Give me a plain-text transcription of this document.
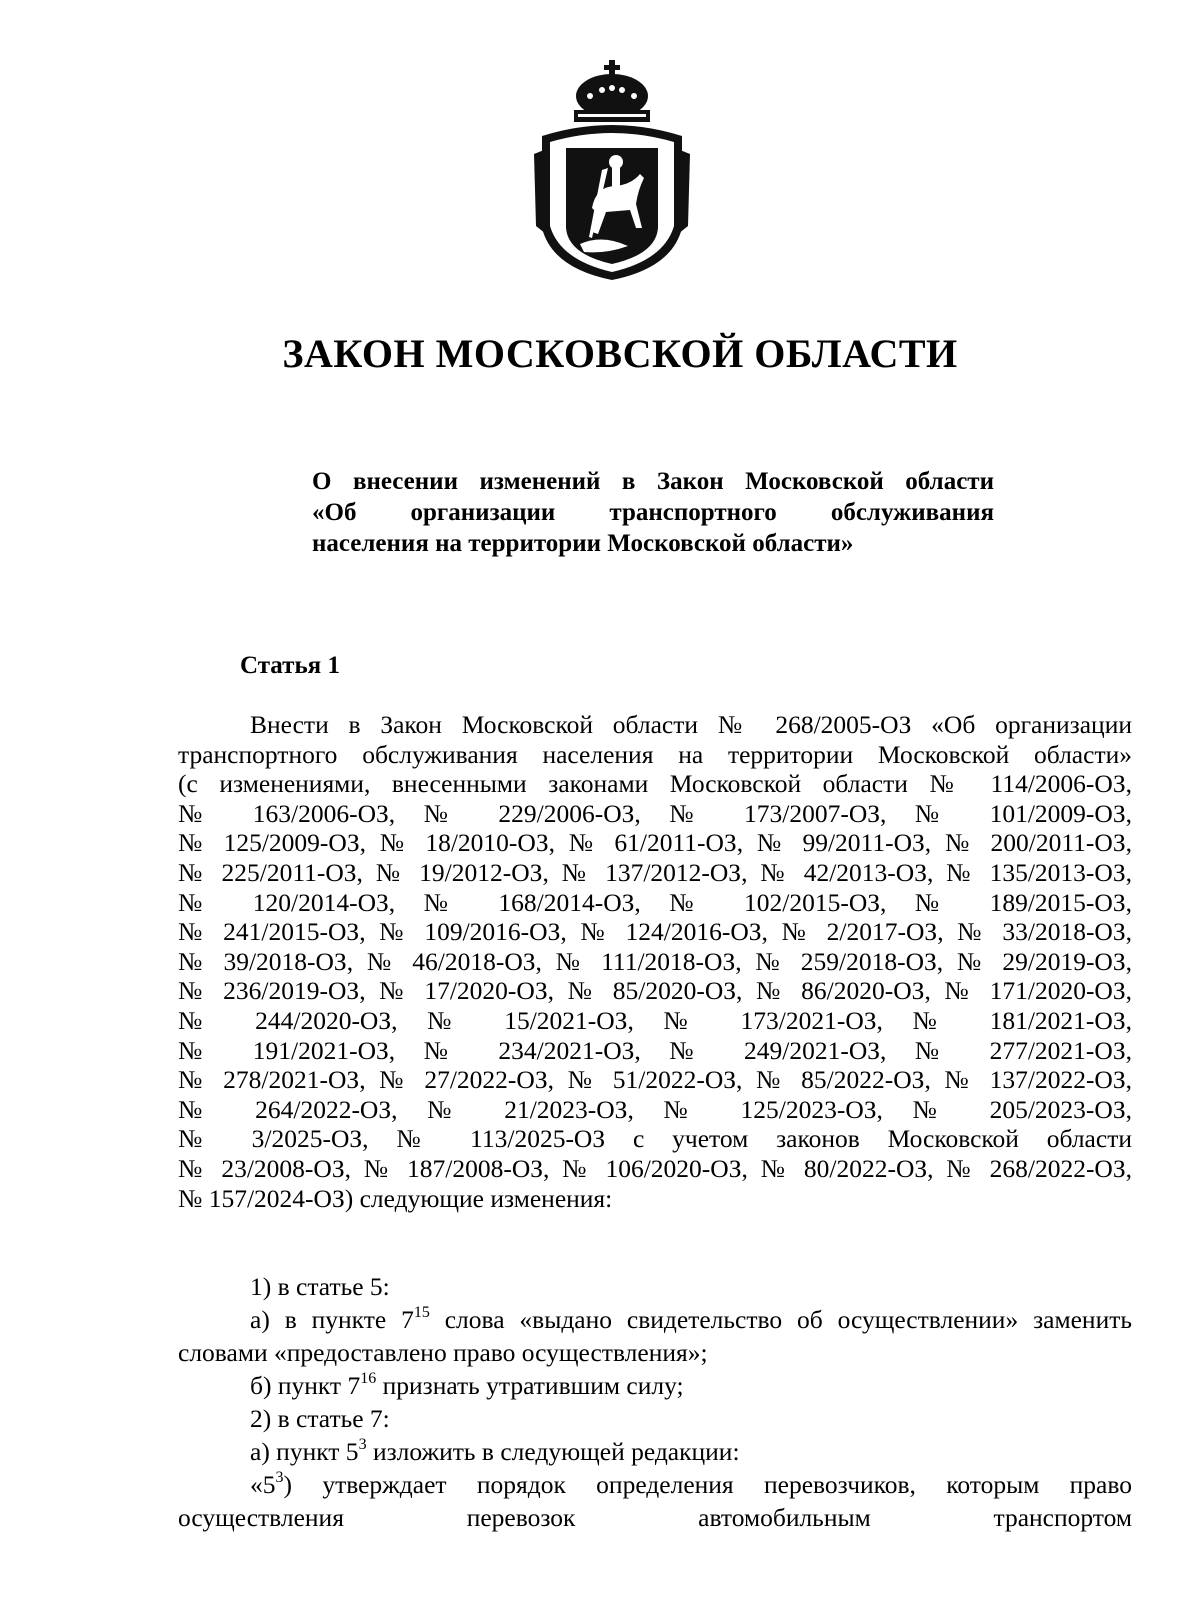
ЗАКОН МОСКОВСКОЙ ОБЛАСТИ
О внесении изменений в Закон Московской области
«Об организации транспортного обслуживания
населения на территории Московской области»
Статья 1
Внести в Закон Московской области № 268/2005-ОЗ «Об организации
транспортного обслуживания населения на территории Московской области»
(с изменениями, внесенными законами Московской области № 114/2006-ОЗ,
№ 163/2006-ОЗ, № 229/2006-ОЗ, № 173/2007-ОЗ, № 101/2009-ОЗ,
№ 125/2009-ОЗ, № 18/2010-ОЗ, № 61/2011-ОЗ, № 99/2011-ОЗ, № 200/2011-ОЗ,
№ 225/2011-ОЗ, № 19/2012-ОЗ, № 137/2012-ОЗ, № 42/2013-ОЗ, № 135/2013-ОЗ,
№ 120/2014-ОЗ, № 168/2014-ОЗ, № 102/2015-ОЗ, № 189/2015-ОЗ,
№ 241/2015-ОЗ, № 109/2016-ОЗ, № 124/2016-ОЗ, № 2/2017-ОЗ, № 33/2018-ОЗ,
№ 39/2018-ОЗ, № 46/2018-ОЗ, № 111/2018-ОЗ, № 259/2018-ОЗ, № 29/2019-ОЗ,
№ 236/2019-ОЗ, № 17/2020-ОЗ, № 85/2020-ОЗ, № 86/2020-ОЗ, № 171/2020-ОЗ,
№ 244/2020-ОЗ, № 15/2021-ОЗ, № 173/2021-ОЗ, № 181/2021-ОЗ,
№ 191/2021-ОЗ, № 234/2021-ОЗ, № 249/2021-ОЗ, № 277/2021-ОЗ,
№ 278/2021-ОЗ, № 27/2022-ОЗ, № 51/2022-ОЗ, № 85/2022-ОЗ, № 137/2022-ОЗ,
№ 264/2022-ОЗ, № 21/2023-ОЗ, № 125/2023-ОЗ, № 205/2023-ОЗ,
№ 3/2025-ОЗ, № 113/2025-ОЗ с учетом законов Московской области
№ 23/2008-ОЗ, № 187/2008-ОЗ, № 106/2020-ОЗ, № 80/2022-ОЗ, № 268/2022-ОЗ,
№ 157/2024-ОЗ) следующие изменения:
1) в статье 5:
а) в пункте $7^{15}$ слова «выдано свидетельство об осуществлении» заменить
словами «предоставлено право осуществления»;
б) пункт $7^{16}$ признать утратившим силу;
2) в статье 7:
а) пункт $5^3$ изложить в следующей редакции:
«$5^3$) утверждает порядок определения перевозчиков, которым право
осуществления перевозок автомобильным транспортом
